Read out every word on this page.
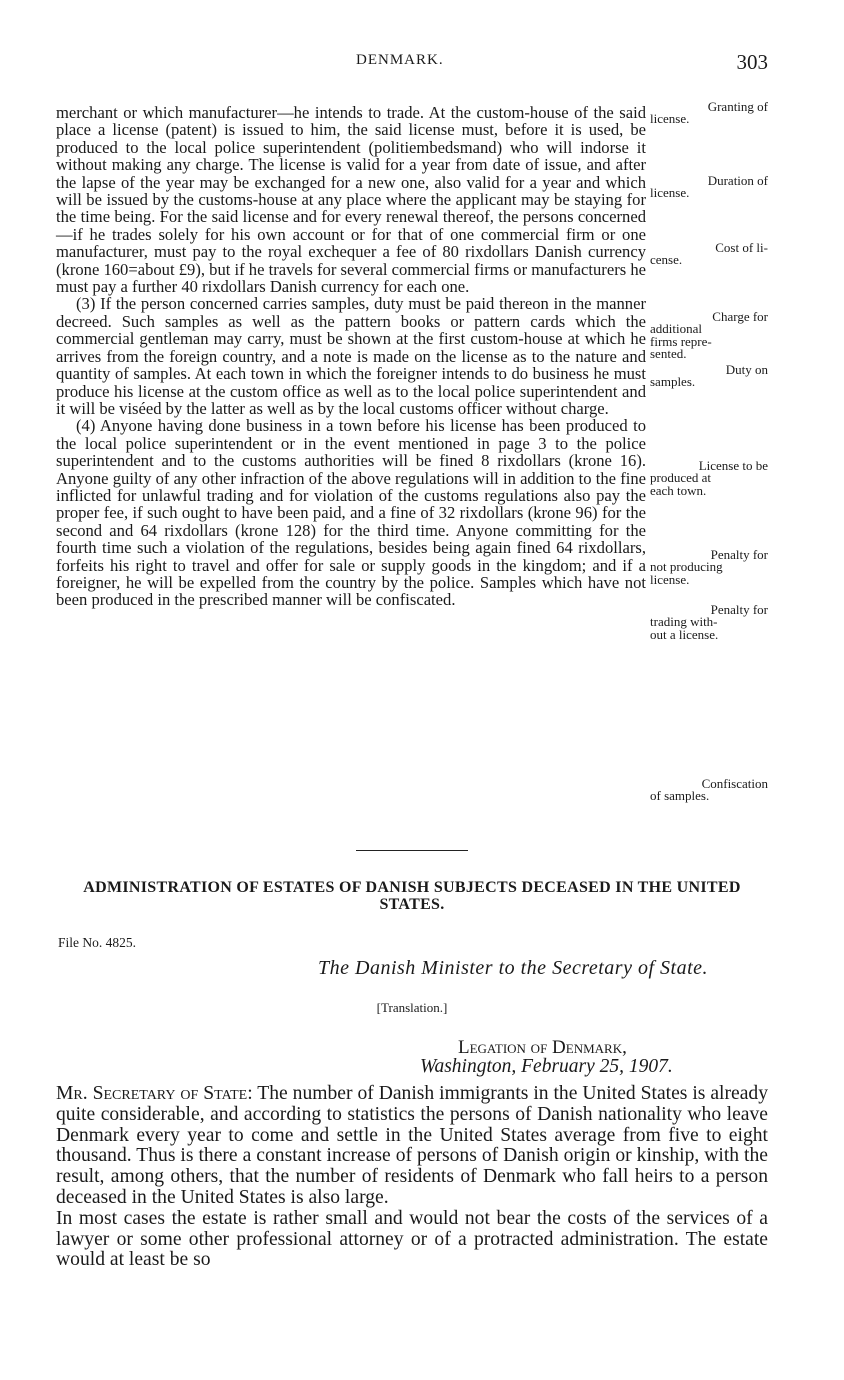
DENMARK.	303

merchant or which manufacturer—he intends to trade. At the custom-house of the said place a license (patent) is issued to him, the said license must, before it is used, be produced to the local police superintendent (politiembedsmand) who will indorse it without making any charge. The license is valid for a year from date of issue, and after the lapse of the year may be exchanged for a new one, also valid for a year and which will be issued by the customs-house at any place where the applicant may be staying for the time being. For the said license and for every renewal thereof, the persons concerned—if he trades solely for his own account or for that of one commercial firm or one manufacturer, must pay to the royal exchequer a fee of 80 rixdollars Danish currency (krone 160=about £9), but if he travels for several commercial firms or manufacturers he must pay a further 40 rixdollars Danish currency for each one.

(3) If the person concerned carries samples, duty must be paid thereon in the manner decreed. Such samples as well as the pattern books or pattern cards which the commercial gentleman may carry, must be shown at the first custom-house at which he arrives from the foreign country, and a note is made on the license as to the nature and quantity of samples. At each town in which the foreigner intends to do business he must produce his license at the custom office as well as to the local police superintendent and it will be viséed by the latter as well as by the local customs officer without charge.

(4) Anyone having done business in a town before his license has been produced to the local police superintendent or in the event mentioned in page 3 to the police superintendent and to the customs authorities will be fined 8 rixdollars (krone 16). Anyone guilty of any other infraction of the above regulations will in addition to the fine inflicted for unlawful trading and for violation of the customs regulations also pay the proper fee, if such ought to have been paid, and a fine of 32 rixdollars (krone 96) for the second and 64 rixdollars (krone 128) for the third time. Anyone committing for the fourth time such a violation of the regulations, besides being again fined 64 rixdollars, forfeits his right to travel and offer for sale or supply goods in the kingdom; and if a foreigner, he will be expelled from the country by the police. Samples which have not been produced in the prescribed manner will be confiscated.

Granting of
license.
Duration of
license.
Cost of li-
cense.
Charge for
additional
firms repre-
sented.
Duty on
samples.
License to be
produced at
each town.
Penalty for
not producing
license.
Penalty for
trading with-
out a license.
Confiscation
of samples.
ADMINISTRATION OF ESTATES OF DANISH SUBJECTS DECEASED IN THE UNITED STATES.
File No. 4825.
The Danish Minister to the Secretary of State.
[Translation.]
Legation of Denmark,
Washington, February 25, 1907.

Mr. Secretary of State: The number of Danish immigrants in the United States is already quite considerable, and according to statistics the persons of Danish nationality who leave Denmark every year to come and settle in the United States average from five to eight thousand. Thus is there a constant increase of persons of Danish origin or kinship, with the result, among others, that the number of residents of Denmark who fall heirs to a person deceased in the United States is also large.

In most cases the estate is rather small and would not bear the costs of the services of a lawyer or some other professional attorney or of a protracted administration. The estate would at least be so
